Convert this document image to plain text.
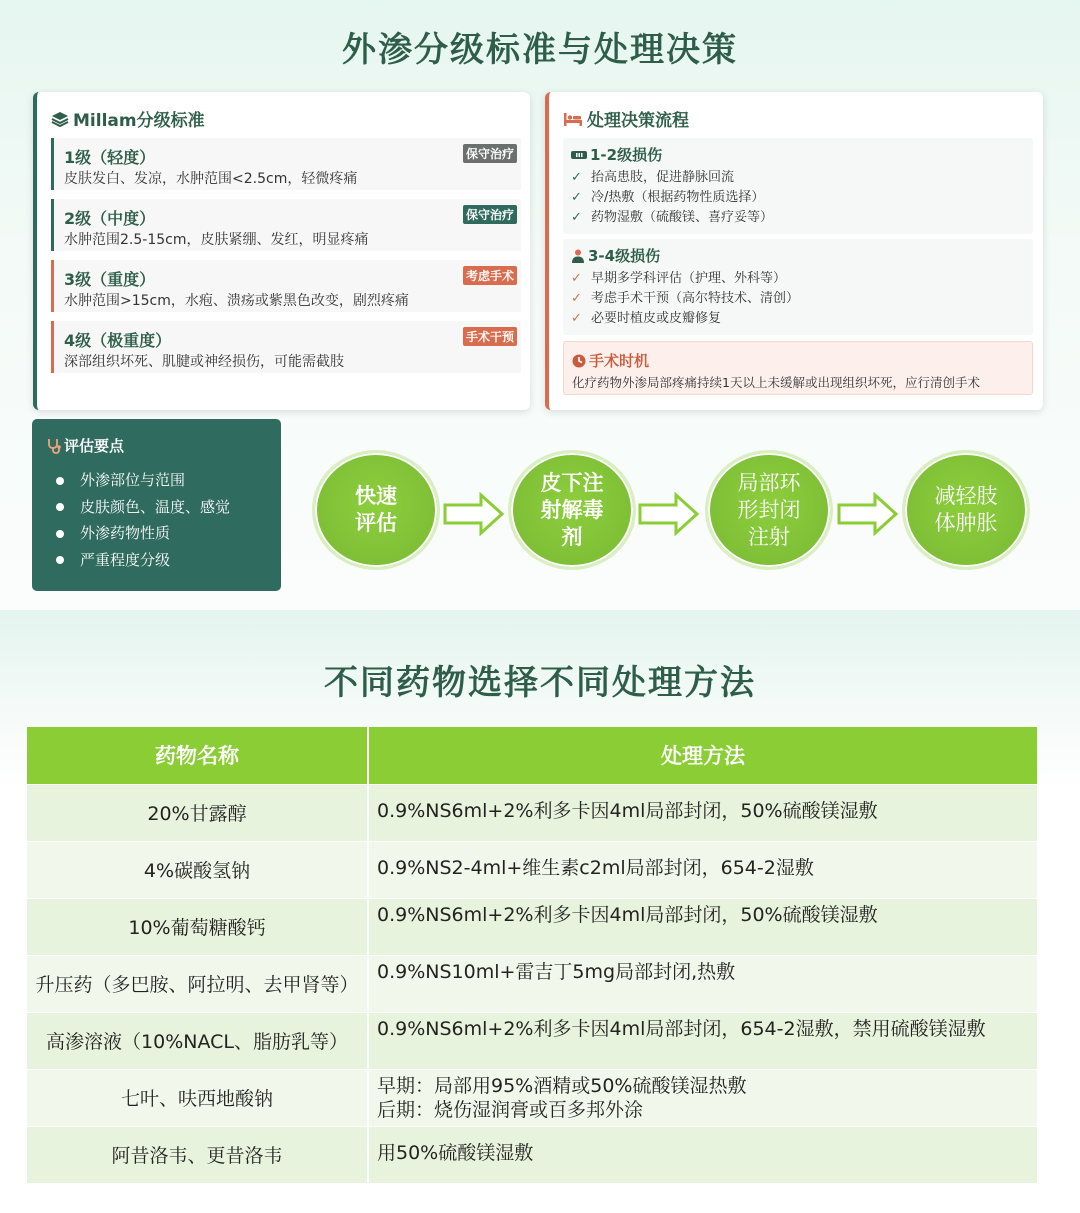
外渗分级标准与处理决策
Millam分级标准
1级（轻度）
皮肤发白、发凉，水肿范围<2.5cm，轻微疼痛
保守治疗
2级（中度）
水肿范围2.5-15cm，皮肤紧绷、发红，明显疼痛
保守治疗
3级（重度）
水肿范围>15cm，水疱、溃疡或紫黑色改变，剧烈疼痛
考虑手术
4级（极重度）
深部组织坏死、肌腱或神经损伤，可能需截肢
手术干预
处理决策流程
1-2级损伤
✓ 抬高患肢，促进静脉回流
✓ 冷/热敷（根据药物性质选择）
✓ 药物湿敷（硫酸镁、喜疗妥等）
3-4级损伤
✓ 早期多学科评估（护理、外科等）
✓ 考虑手术干预（高尔特技术、清创）
✓ 必要时植皮或皮瓣修复
手术时机
化疗药物外渗局部疼痛持续1天以上未缓解或出现组织坏死，应行清创手术
评估要点
外渗部位与范围
皮肤颜色、温度、感觉
外渗药物性质
严重程度分级
快速
评估
皮下注
射解毒
剂
局部环
形封闭
注射
减轻肢
体肿胀
不同药物选择不同处理方法
药物名称	处理方法
20%甘露醇	0.9%NS6ml+2%利多卡因4ml局部封闭，50%硫酸镁湿敷
4%碳酸氢钠	0.9%NS2-4ml+维生素c2ml局部封闭，654-2湿敷
10%葡萄糖酸钙	0.9%NS6ml+2%利多卡因4ml局部封闭，50%硫酸镁湿敷
升压药（多巴胺、阿拉明、去甲肾等）	0.9%NS10ml+雷吉丁5mg局部封闭,热敷
高渗溶液（10%NACL、脂肪乳等）	0.9%NS6ml+2%利多卡因4ml局部封闭，654-2湿敷，禁用硫酸镁湿敷
七叶、呋西地酸钠	早期：局部用95%酒精或50%硫酸镁湿热敷
后期：烧伤湿润膏或百多邦外涂
阿昔洛韦、更昔洛韦	用50%硫酸镁湿敷
